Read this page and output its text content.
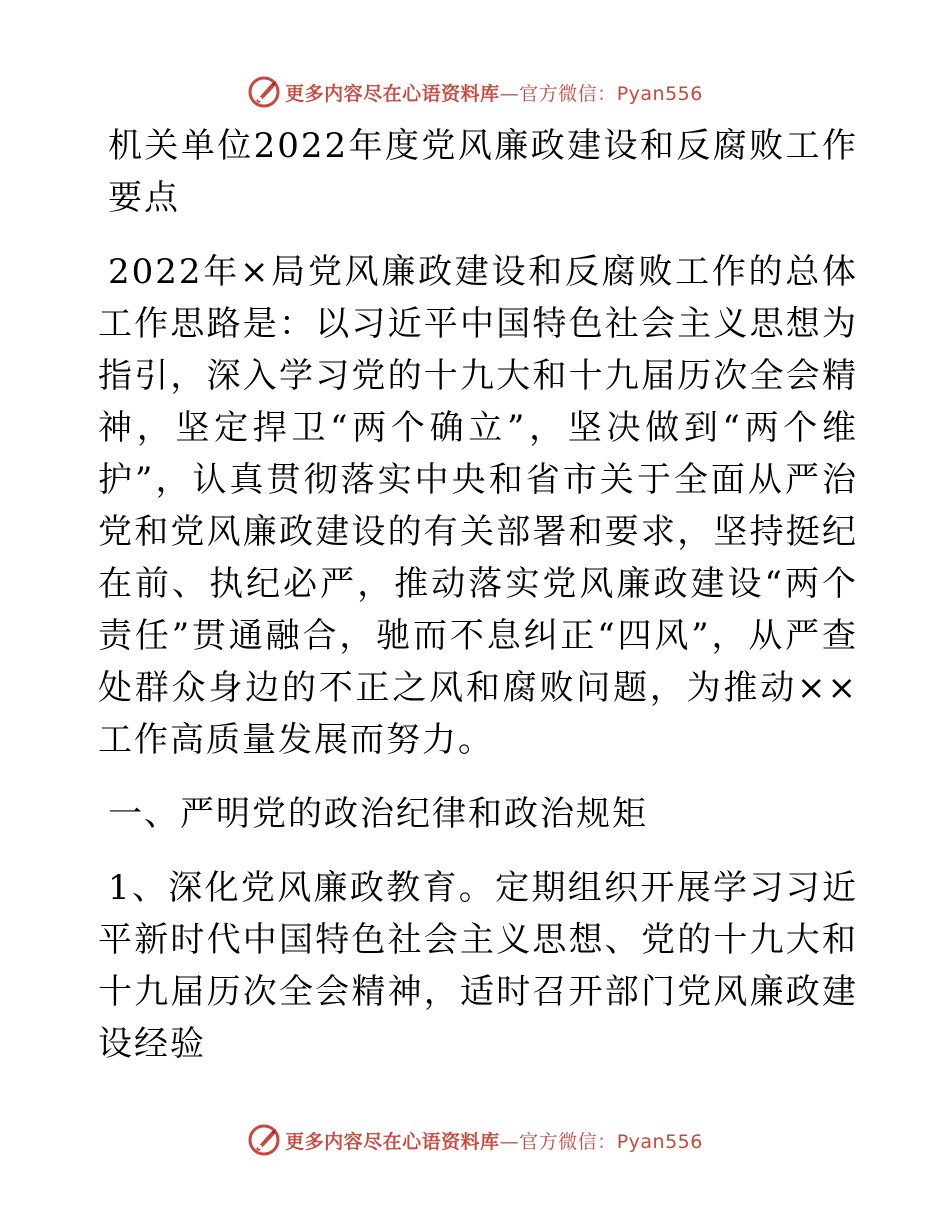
更多内容尽在心语资料库—官方微信：Pyan556

机关单位2022年度党风廉政建设和反腐败工作要点

2022年×局党风廉政建设和反腐败工作的总体工作思路是：以习近平中国特色社会主义思想为指引，深入学习党的十九大和十九届历次全会精神，坚定捍卫“两个确立”，坚决做到“两个维护”，认真贯彻落实中央和省市关于全面从严治党和党风廉政建设的有关部署和要求，坚持挺纪在前、执纪必严，推动落实党风廉政建设“两个责任”贯通融合，驰而不息纠正“四风”，从严查处群众身边的不正之风和腐败问题，为推动××工作高质量发展而努力。

一、严明党的政治纪律和政治规矩

1、深化党风廉政教育。定期组织开展学习习近平新时代中国特色社会主义思想、党的十九大和十九届历次全会精神，适时召开部门党风廉政建设经验

更多内容尽在心语资料库—官方微信：Pyan556
